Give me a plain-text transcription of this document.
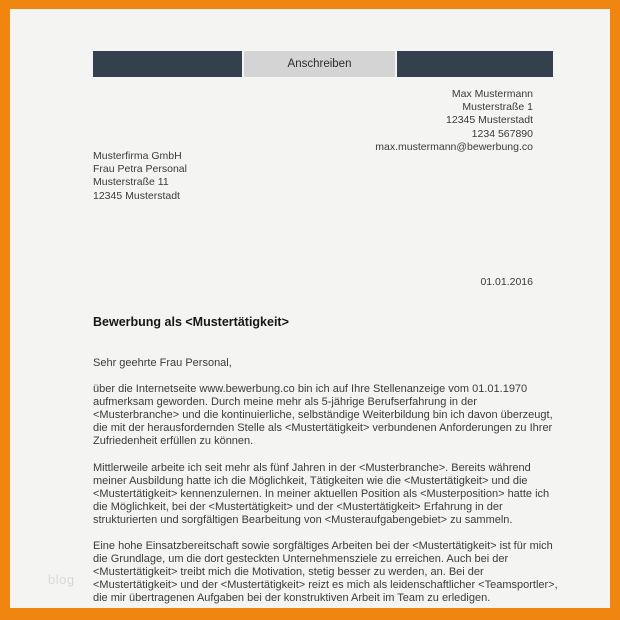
Anschreiben
Max Mustermann
Musterstraße 1
12345 Musterstadt
1234 567890
max.mustermann@bewerbung.co
Musterfirma GmbH
Frau Petra Personal
Musterstraße 11
12345 Musterstadt
01.01.2016
Bewerbung als <Mustertätigkeit>
Sehr geehrte Frau Personal,

über die Internetseite www.bewerbung.co bin ich auf Ihre Stellenanzeige vom 01.01.1970 aufmerksam geworden. Durch meine mehr als 5-jährige Berufserfahrung in der <Musterbranche> und die kontinuierliche, selbständige Weiterbildung bin ich davon überzeugt, die mit der herausfordernden Stelle als <Mustertätigkeit> verbundenen Anforderungen zu Ihrer Zufriedenheit erfüllen zu können.

Mittlerweile arbeite ich seit mehr als fünf Jahren in der <Musterbranche>. Bereits während meiner Ausbildung hatte ich die Möglichkeit, Tätigkeiten wie die <Mustertätigkeit> und die <Mustertätigkeit> kennenzulernen. In meiner aktuellen Position als <Musterposition> hatte ich die Möglichkeit, bei der <Mustertätigkeit> und der <Mustertätigkeit> Erfahrung in der strukturierten und sorgfältigen Bearbeitung von <Musteraufgabengebiet> zu sammeln.

Eine hohe Einsatzbereitschaft sowie sorgfältiges Arbeiten bei der <Mustertätigkeit> ist für mich die Grundlage, um die dort gesteckten Unternehmensziele zu erreichen. Auch bei der <Mustertätigkeit> treibt mich die Motivation, stetig besser zu werden, an. Bei der <Mustertätigkeit> und der <Mustertätigkeit> reizt es mich als leidenschaftlicher <Teamsportler>, die mir übertragenen Aufgaben bei der konstruktiven Arbeit im Team zu erledigen.

blog
